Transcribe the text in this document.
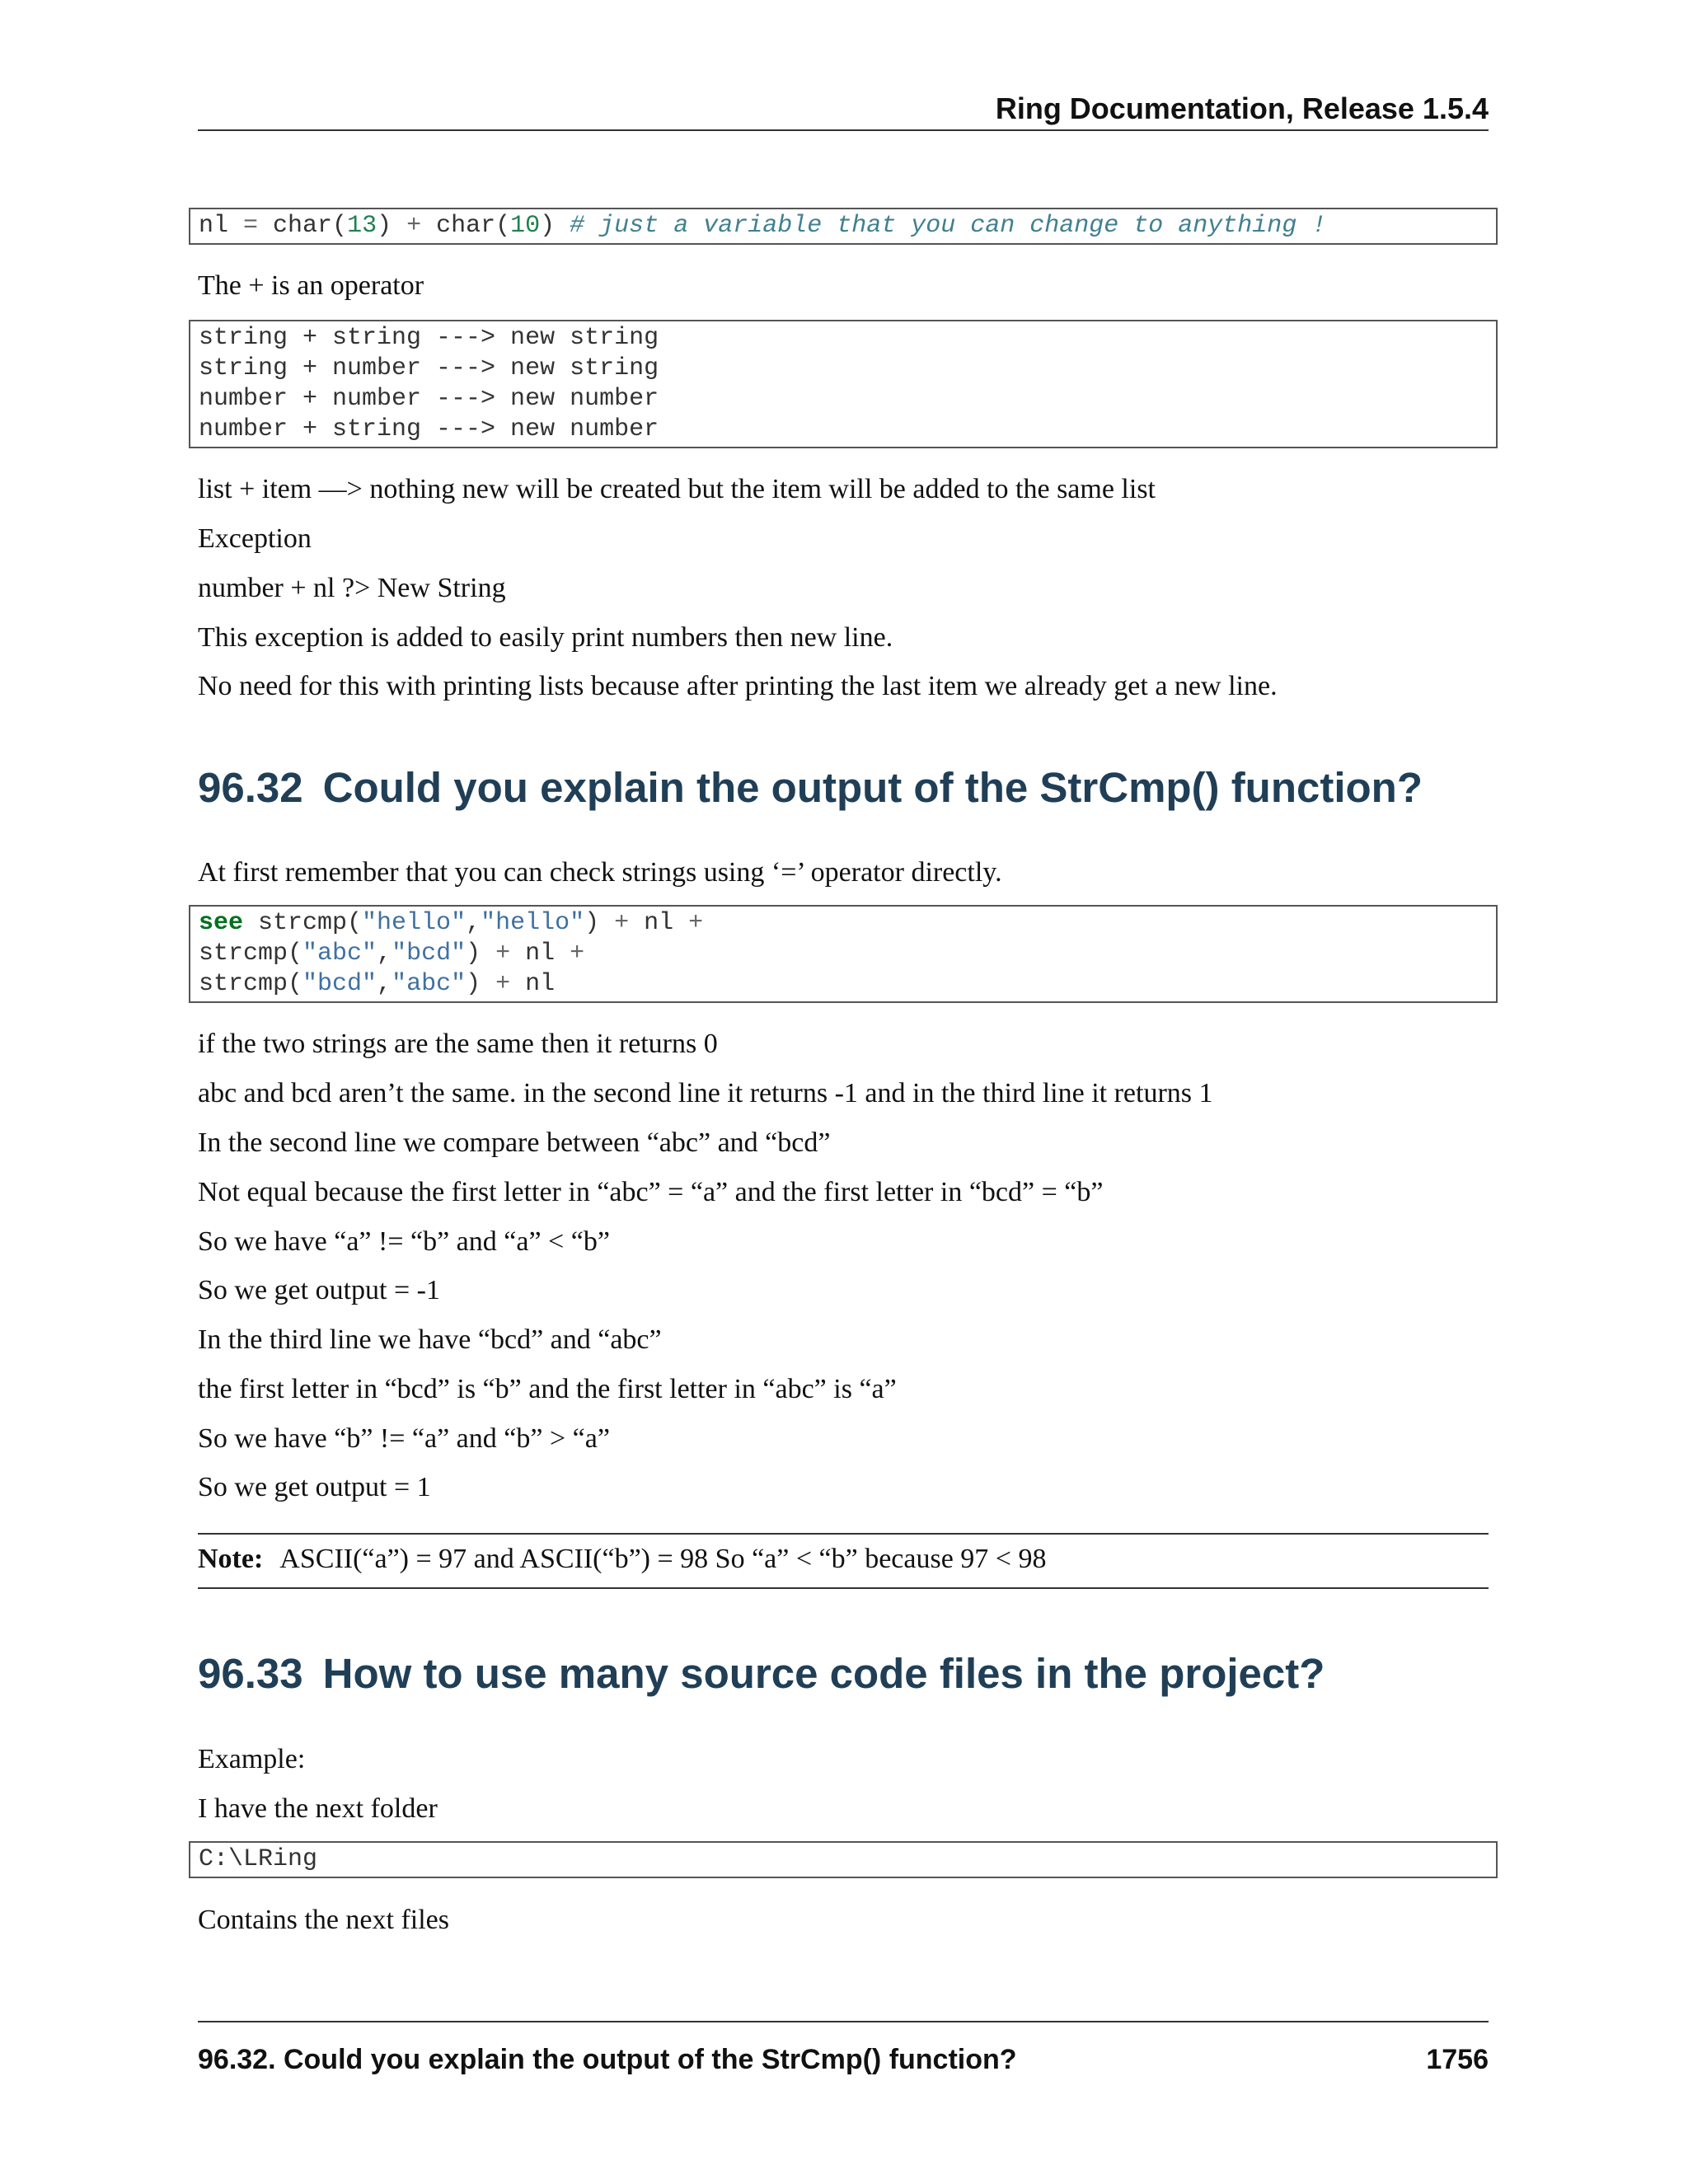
Ring Documentation, Release 1.5.4
nl = char(13) + char(10) # just a variable that you can change to anything !
The + is an operator
string + string ---> new string
string + number ---> new string
number + number ---> new number
number + string ---> new number
list + item —> nothing new will be created but the item will be added to the same list
Exception
number + nl ?> New String
This exception is added to easily print numbers then new line.
No need for this with printing lists because after printing the last item we already get a new line.
96.32 Could you explain the output of the StrCmp() function?
At first remember that you can check strings using ‘=’ operator directly.
see strcmp("hello","hello") + nl +
strcmp("abc","bcd") + nl +
strcmp("bcd","abc") + nl
if the two strings are the same then it returns 0
abc and bcd aren’t the same. in the second line it returns -1 and in the third line it returns 1
In the second line we compare between “abc” and “bcd”
Not equal because the first letter in “abc” = “a” and the first letter in “bcd” = “b”
So we have “a” != “b” and “a” < “b”
So we get output = -1
In the third line we have “bcd” and “abc”
the first letter in “bcd” is “b” and the first letter in “abc” is “a”
So we have “b” != “a” and “b” > “a”
So we get output = 1
Note: ASCII(“a”) = 97 and ASCII(“b”) = 98 So “a” < “b” because 97 < 98
96.33 How to use many source code files in the project?
Example:
I have the next folder
C:\LRing
Contains the next files
96.32. Could you explain the output of the StrCmp() function?	1756
